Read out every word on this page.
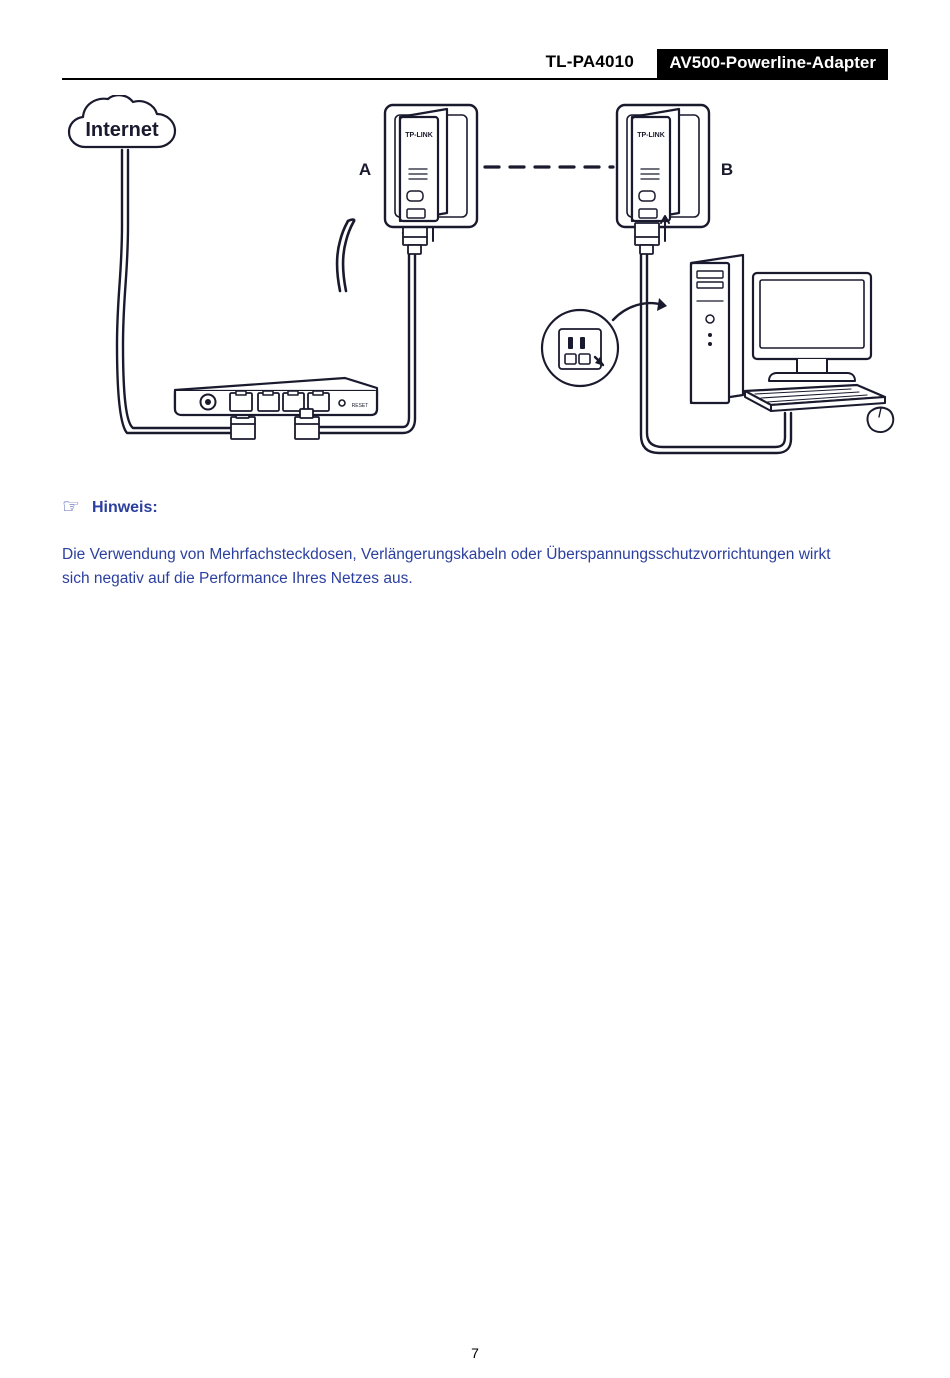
TL-PA4010	AV500-Powerline-Adapter
Internet
RESET
TP-LINK
A
TP-LINK
B
☞ Hinweis:
Die Verwendung von Mehrfachsteckdosen, Verlängerungskabeln oder Überspannungsschutzvorrichtungen wirkt sich negativ auf die Performance Ihres Netzes aus.
7
